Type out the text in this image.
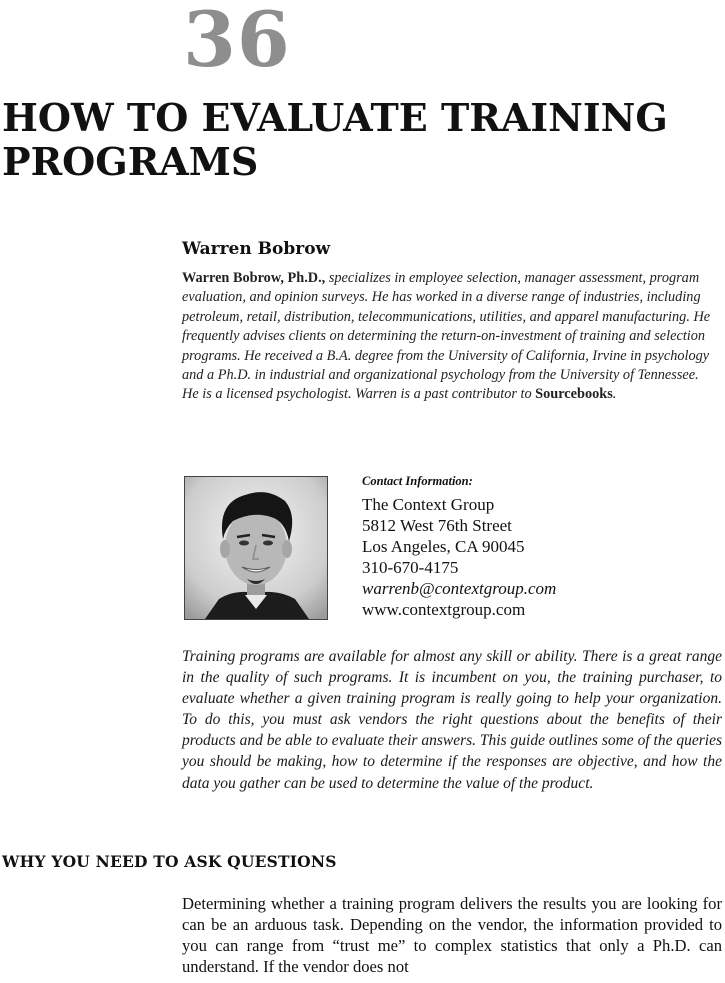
36
HOW TO EVALUATE TRAINING PROGRAMS
Warren Bobrow

Warren Bobrow, Ph.D., specializes in employee selection, manager assessment, program evaluation, and opinion surveys. He has worked in a diverse range of industries, including petroleum, retail, distribution, telecommunications, utilities, and apparel manufacturing. He frequently advises clients on determining the return-on-investment of training and selection programs. He received a B.A. degree from the University of California, Irvine in psychology and a Ph.D. in industrial and organizational psychology from the University of Tennessee. He is a licensed psychologist. Warren is a past contributor to Sourcebooks.

Contact Information:

The Context Group

5812 West 76th Street

Los Angeles, CA 90045

310-670-4175

warrenb@contextgroup.com

www.contextgroup.com

Training programs are available for almost any skill or ability. There is a great range in the quality of such programs. It is incumbent on you, the training purchaser, to evaluate whether a given training program is really going to help your organization. To do this, you must ask vendors the right questions about the benefits of their products and be able to evaluate their answers. This guide outlines some of the queries you should be making, how to determine if the responses are objective, and how the data you gather can be used to determine the value of the product.

WHY YOU NEED TO ASK QUESTIONS

Determining whether a training program delivers the results you are looking for can be an arduous task. Depending on the vendor, the information provided to you can range from “trust me” to complex statistics that only a Ph.D. can understand. If the vendor does not
